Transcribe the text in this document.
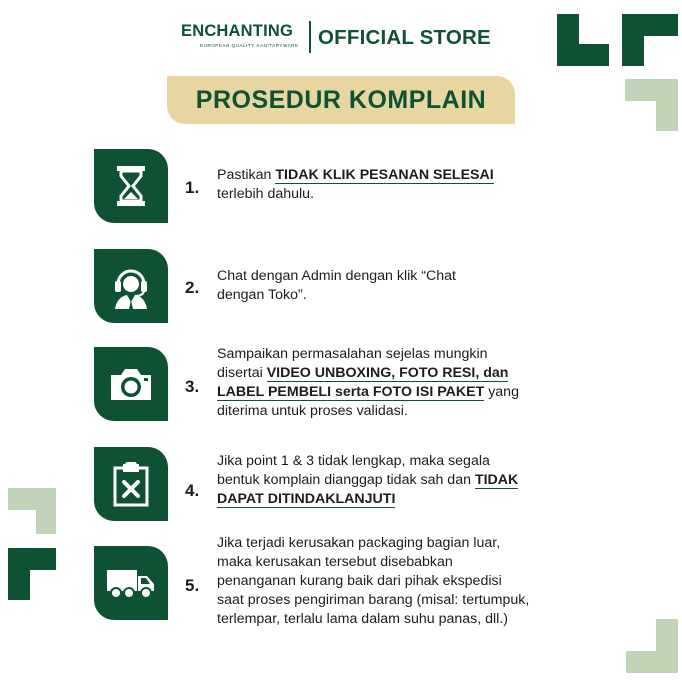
ENCHANTING
EUROPEAN QUALITY SANITARYWARE OFFICIAL STORE
PROSEDUR KOMPLAIN
1.
Pastikan TIDAK KLIK PESANAN SELESAI
terlebih dahulu.
2.
Chat dengan Admin dengan klik “Chat
dengan Toko”.
3.
Sampaikan permasalahan sejelas mungkin
disertai VIDEO UNBOXING, FOTO RESI, dan
LABEL PEMBELI serta FOTO ISI PAKET yang
diterima untuk proses validasi.
4.
Jika point 1 & 3 tidak lengkap, maka segala
bentuk komplain dianggap tidak sah dan TIDAK
DAPAT DITINDAKLANJUTI
5.
Jika terjadi kerusakan packaging bagian luar,
maka kerusakan tersebut disebabkan
penanganan kurang baik dari pihak ekspedisi
saat proses pengiriman barang (misal: tertumpuk,
terlempar, terlalu lama dalam suhu panas, dll.)
